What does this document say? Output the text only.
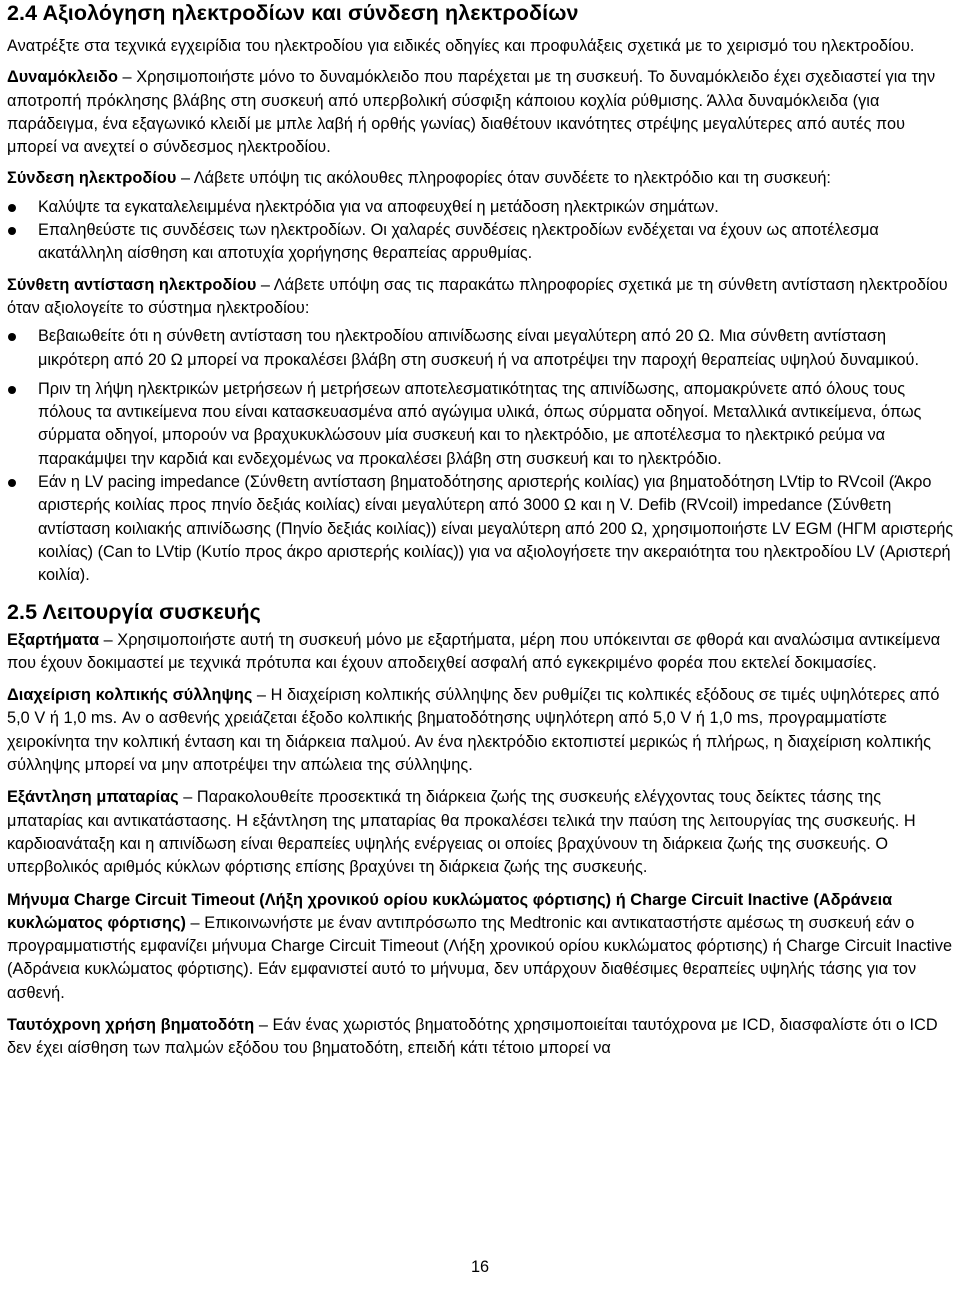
2.4 Αξιολόγηση ηλεκτροδίων και σύνδεση ηλεκτροδίων

Ανατρέξτε στα τεχνικά εγχειρίδια του ηλεκτροδίου για ειδικές οδηγίες και προφυλάξεις σχετικά με το χειρισμό του ηλεκτροδίου.

Δυναμόκλειδο – Χρησιμοποιήστε μόνο το δυναμόκλειδο που παρέχεται με τη συσκευή. Το δυναμόκλειδο έχει σχεδιαστεί για την αποτροπή πρόκλησης βλάβης στη συσκευή από υπερβολική σύσφιξη κάποιου κοχλία ρύθμισης. Άλλα δυναμόκλειδα (για παράδειγμα, ένα εξαγωνικό κλειδί με μπλε λαβή ή ορθής γωνίας) διαθέτουν ικανότητες στρέψης μεγαλύτερες από αυτές που μπορεί να ανεχτεί ο σύνδεσμος ηλεκτροδίου.

Σύνδεση ηλεκτροδίου – Λάβετε υπόψη τις ακόλουθες πληροφορίες όταν συνδέετε το ηλεκτρόδιο και τη συσκευή:

Καλύψτε τα εγκαταλελειμμένα ηλεκτρόδια για να αποφευχθεί η μετάδοση ηλεκτρικών σημάτων.
Επαληθεύστε τις συνδέσεις των ηλεκτροδίων. Οι χαλαρές συνδέσεις ηλεκτροδίων ενδέχεται να έχουν ως αποτέλεσμα ακατάλληλη αίσθηση και αποτυχία χορήγησης θεραπείας αρρυθμίας.

Σύνθετη αντίσταση ηλεκτροδίου – Λάβετε υπόψη σας τις παρακάτω πληροφορίες σχετικά με τη σύνθετη αντίσταση ηλεκτροδίου όταν αξιολογείτε το σύστημα ηλεκτροδίου:

Βεβαιωθείτε ότι η σύνθετη αντίσταση του ηλεκτροδίου απινίδωσης είναι μεγαλύτερη από 20 Ω. Μια σύνθετη αντίσταση μικρότερη από 20 Ω μπορεί να προκαλέσει βλάβη στη συσκευή ή να αποτρέψει την παροχή θεραπείας υψηλού δυναμικού.
Πριν τη λήψη ηλεκτρικών μετρήσεων ή μετρήσεων αποτελεσματικότητας της απινίδωσης, απομακρύνετε από όλους τους πόλους τα αντικείμενα που είναι κατασκευασμένα από αγώγιμα υλικά, όπως σύρματα οδηγοί. Μεταλλικά αντικείμενα, όπως σύρματα οδηγοί, μπορούν να βραχυκυκλώσουν μία συσκευή και το ηλεκτρόδιο, με αποτέλεσμα το ηλεκτρικό ρεύμα να παρακάμψει την καρδιά και ενδεχομένως να προκαλέσει βλάβη στη συσκευή και το ηλεκτρόδιο.
Εάν η LV pacing impedance (Σύνθετη αντίσταση βηματοδότησης αριστερής κοιλίας) για βηματοδότηση LVtip to RVcoil (Άκρο αριστερής κοιλίας προς πηνίο δεξιάς κοιλίας) είναι μεγαλύτερη από 3000 Ω και η V. Defib (RVcoil) impedance (Σύνθετη αντίσταση κοιλιακής απινίδωσης (Πηνίο δεξιάς κοιλίας)) είναι μεγαλύτερη από 200 Ω, χρησιμοποιήστε LV EGM (ΗΓΜ αριστερής κοιλίας) (Can to LVtip (Κυτίο προς άκρο αριστερής κοιλίας)) για να αξιολογήσετε την ακεραιότητα του ηλεκτροδίου LV (Αριστερή κοιλία).
2.5 Λειτουργία συσκευής

Εξαρτήματα – Χρησιμοποιήστε αυτή τη συσκευή μόνο με εξαρτήματα, μέρη που υπόκεινται σε φθορά και αναλώσιμα αντικείμενα που έχουν δοκιμαστεί με τεχνικά πρότυπα και έχουν αποδειχθεί ασφαλή από εγκεκριμένο φορέα που εκτελεί δοκιμασίες.

Διαχείριση κολπικής σύλληψης – Η διαχείριση κολπικής σύλληψης δεν ρυθμίζει τις κολπικές εξόδους σε τιμές υψηλότερες από 5,0 V ή 1,0 ms. Αν ο ασθενής χρειάζεται έξοδο κολπικής βηματοδότησης υψηλότερη από 5,0 V ή 1,0 ms, προγραμματίστε χειροκίνητα την κολπική ένταση και τη διάρκεια παλμού. Αν ένα ηλεκτρόδιο εκτοπιστεί μερικώς ή πλήρως, η διαχείριση κολπικής σύλληψης μπορεί να μην αποτρέψει την απώλεια της σύλληψης.

Εξάντληση μπαταρίας – Παρακολουθείτε προσεκτικά τη διάρκεια ζωής της συσκευής ελέγχοντας τους δείκτες τάσης της μπαταρίας και αντικατάστασης. Η εξάντληση της μπαταρίας θα προκαλέσει τελικά την παύση της λειτουργίας της συσκευής. Η καρδιοανάταξη και η απινίδωση είναι θεραπείες υψηλής ενέργειας οι οποίες βραχύνουν τη διάρκεια ζωής της συσκευής. Ο υπερβολικός αριθμός κύκλων φόρτισης επίσης βραχύνει τη διάρκεια ζωής της συσκευής.

Μήνυμα Charge Circuit Timeout (Λήξη χρονικού ορίου κυκλώματος φόρτισης) ή Charge Circuit Inactive (Αδράνεια κυκλώματος φόρτισης) – Επικοινωνήστε με έναν αντιπρόσωπο της Medtronic και αντικαταστήστε αμέσως τη συσκευή εάν ο προγραμματιστής εμφανίζει μήνυμα Charge Circuit Timeout (Λήξη χρονικού ορίου κυκλώματος φόρτισης) ή Charge Circuit Inactive (Αδράνεια κυκλώματος φόρτισης). Εάν εμφανιστεί αυτό το μήνυμα, δεν υπάρχουν διαθέσιμες θεραπείες υψηλής τάσης για τον ασθενή.

Ταυτόχρονη χρήση βηματοδότη – Εάν ένας χωριστός βηματοδότης χρησιμοποιείται ταυτόχρονα με ICD, διασφαλίστε ότι ο ICD δεν έχει αίσθηση των παλμών εξόδου του βηματοδότη, επειδή κάτι τέτοιο μπορεί να

16
